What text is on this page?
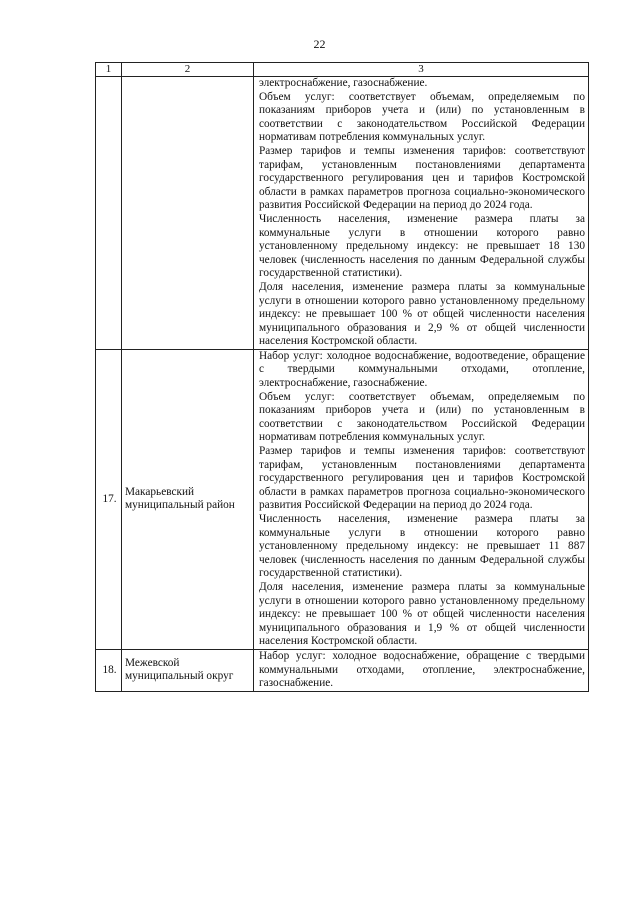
22
1	2	3

		электроснабжение, газоснабжение.
Объем услуг: соответствует объемам, определяемым по показаниям приборов учета и (или) по установленным в соответствии с законодательством Российской Федерации нормативам потребления коммунальных услуг.
Размер тарифов и темпы изменения тарифов: соответствуют тарифам, установленным постановлениями департамента государственного регулирования цен и тарифов Костромской области в рамках параметров прогноза социально-экономического развития Российской Федерации на период до 2024 года.
Численность населения, изменение размера платы за коммунальные услуги в отношении которого равно установленному предельному индексу: не превышает 18 130 человек (численность населения по данным Федеральной службы государственной статистики).
Доля населения, изменение размера платы за коммунальные услуги в отношении которого равно установленному предельному индексу: не превышает 100 % от общей численности населения муниципального образования и 2,9 % от общей численности населения Костромской области.

17.	Макарьевский муниципальный район	Набор услуг: холодное водоснабжение, водоотведение, обращение с твердыми коммунальными отходами, отопление, электроснабжение, газоснабжение.
Объем услуг: соответствует объемам, определяемым по показаниям приборов учета и (или) по установленным в соответствии с законодательством Российской Федерации нормативам потребления коммунальных услуг.
Размер тарифов и темпы изменения тарифов: соответствуют тарифам, установленным постановлениями департамента государственного регулирования цен и тарифов Костромской области в рамках параметров прогноза социально-экономического развития Российской Федерации на период до 2024 года.
Численность населения, изменение размера платы за коммунальные услуги в отношении которого равно установленному предельному индексу: не превышает 11 887 человек (численность населения по данным Федеральной службы государственной статистики).
Доля населения, изменение размера платы за коммунальные услуги в отношении которого равно установленному предельному индексу: не превышает 100 % от общей численности населения муниципального образования и 1,9 % от общей численности населения Костромской области.

18.	Межевской муниципальный округ	Набор услуг: холодное водоснабжение, обращение с твердыми коммунальными отходами, отопление, электроснабжение, газоснабжение.
